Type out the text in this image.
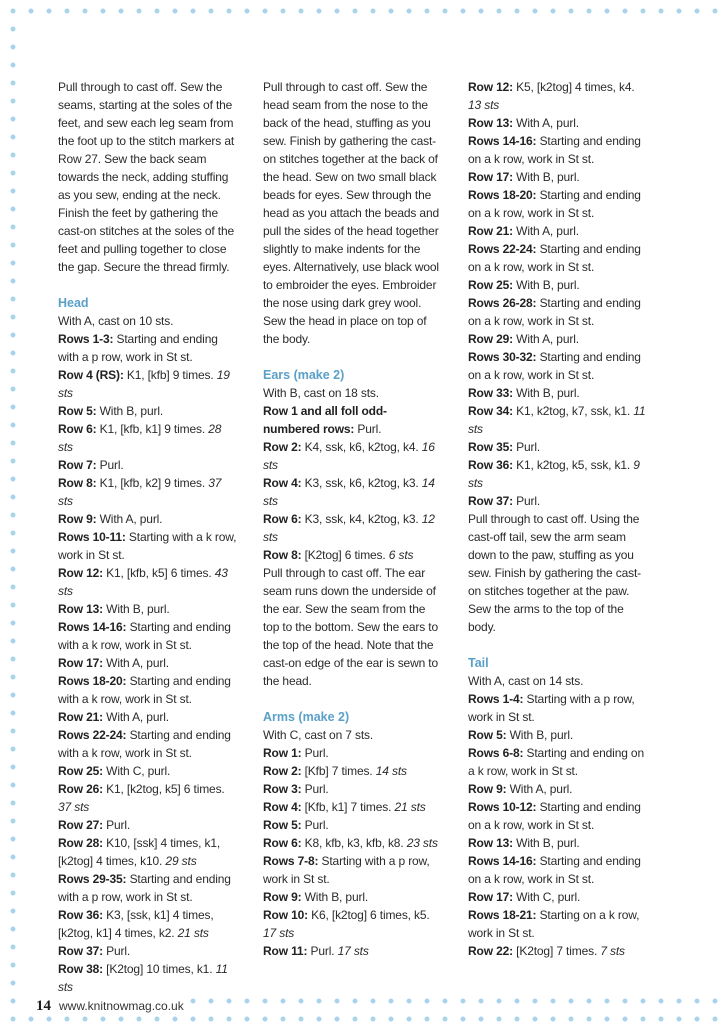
Pull through to cast off. Sew the seams, starting at the soles of the feet, and sew each leg seam from the foot up to the stitch markers at Row 27. Sew the back seam towards the neck, adding stuffing as you sew, ending at the neck. Finish the feet by gathering the cast-on stitches at the soles of the feet and pulling together to close the gap. Secure the thread firmly.

Head

With A, cast on 10 sts.

Rows 1-3: Starting and ending with a p row, work in St st.

Row 4 (RS): K1, [kfb] 9 times. 19 sts

Row 5: With B, purl.

Row 6: K1, [kfb, k1] 9 times. 28 sts

Row 7: Purl.

Row 8: K1, [kfb, k2] 9 times. 37 sts

Row 9: With A, purl.

Rows 10-11: Starting with a k row, work in St st.

Row 12: K1, [kfb, k5] 6 times. 43 sts

Row 13: With B, purl.

Rows 14-16: Starting and ending with a k row, work in St st.

Row 17: With A, purl.

Rows 18-20: Starting and ending with a k row, work in St st.

Row 21: With A, purl.

Rows 22-24: Starting and ending with a k row, work in St st.

Row 25: With C, purl.

Row 26: K1, [k2tog, k5] 6 times. 37 sts

Row 27: Purl.

Row 28: K10, [ssk] 4 times, k1, [k2tog] 4 times, k10. 29 sts

Rows 29-35: Starting and ending with a p row, work in St st.

Row 36: K3, [ssk, k1] 4 times, [k2tog, k1] 4 times, k2. 21 sts

Row 37: Purl.

Row 38: [K2tog] 10 times, k1. 11 sts

Pull through to cast off. Sew the head seam from the nose to the back of the head, stuffing as you sew. Finish by gathering the cast-on stitches together at the back of the head. Sew on two small black beads for eyes. Sew through the head as you attach the beads and pull the sides of the head together slightly to make indents for the eyes. Alternatively, use black wool to embroider the eyes. Embroider the nose using dark grey wool. Sew the head in place on top of the body.

Ears (make 2)

With B, cast on 18 sts.

Row 1 and all foll odd-numbered rows: Purl.

Row 2: K4, ssk, k6, k2tog, k4. 16 sts

Row 4: K3, ssk, k6, k2tog, k3. 14 sts

Row 6: K3, ssk, k4, k2tog, k3. 12 sts

Row 8: [K2tog] 6 times. 6 sts

Pull through to cast off. The ear seam runs down the underside of the ear. Sew the seam from the top to the bottom. Sew the ears to the top of the head. Note that the cast-on edge of the ear is sewn to the head.

Arms (make 2)

With C, cast on 7 sts.

Row 1: Purl.

Row 2: [Kfb] 7 times. 14 sts

Row 3: Purl.

Row 4: [Kfb, k1] 7 times. 21 sts

Row 5: Purl.

Row 6: K8, kfb, k3, kfb, k8. 23 sts

Rows 7-8: Starting with a p row, work in St st.

Row 9: With B, purl.

Row 10: K6, [k2tog] 6 times, k5. 17 sts

Row 11: Purl. 17 sts

Row 12: K5, [k2tog] 4 times, k4. 13 sts

Row 13: With A, purl.

Rows 14-16: Starting and ending on a k row, work in St st.

Row 17: With B, purl.

Rows 18-20: Starting and ending on a k row, work in St st.

Row 21: With A, purl.

Rows 22-24: Starting and ending on a k row, work in St st.

Row 25: With B, purl.

Rows 26-28: Starting and ending on a k row, work in St st.

Row 29: With A, purl.

Rows 30-32: Starting and ending on a k row, work in St st.

Row 33: With B, purl.

Row 34: K1, k2tog, k7, ssk, k1. 11 sts

Row 35: Purl.

Row 36: K1, k2tog, k5, ssk, k1. 9 sts

Row 37: Purl.

Pull through to cast off. Using the cast-off tail, sew the arm seam down to the paw, stuffing as you sew. Finish by gathering the cast-on stitches together at the paw. Sew the arms to the top of the body.

Tail

With A, cast on 14 sts.

Rows 1-4: Starting with a p row, work in St st.

Row 5: With B, purl.

Rows 6-8: Starting and ending on a k row, work in St st.

Row 9: With A, purl.

Rows 10-12: Starting and ending on a k row, work in St st.

Row 13: With B, purl.

Rows 14-16: Starting and ending on a k row, work in St st.

Row 17: With C, purl.

Rows 18-21: Starting on a k row, work in St st.

Row 22: [K2tog] 7 times. 7 sts

14 www.knitnowmag.co.uk
